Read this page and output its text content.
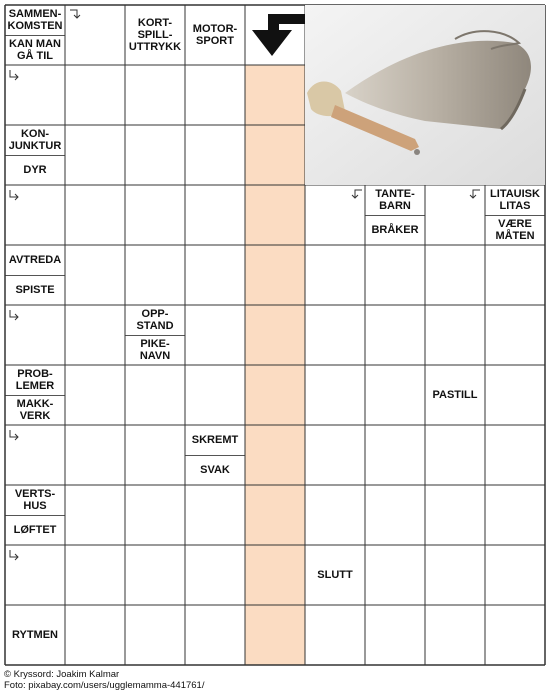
SAMMEN-
KOMSTEN
KAN MAN
GÅ TIL
KORT-
SPILL-
UTTRYKK
MOTOR-
SPORT
KON-
JUNKTUR
DYR
TANTE-
BARN
BRÅKER
LITAUISK
LITAS
VÆRE
MÅTEN
AVTREDA
SPISTE
OPP-
STAND
PIKE-
NAVN
PROB-
LEMER
MAKK-
VERK
PASTILL
SKREMT
SVAK
VERTS-
HUS
LØFTET
SLUTT
RYTMEN
© Kryssord: Joakim Kalmar
Foto: pixabay.com/users/ugglemamma-441761/
